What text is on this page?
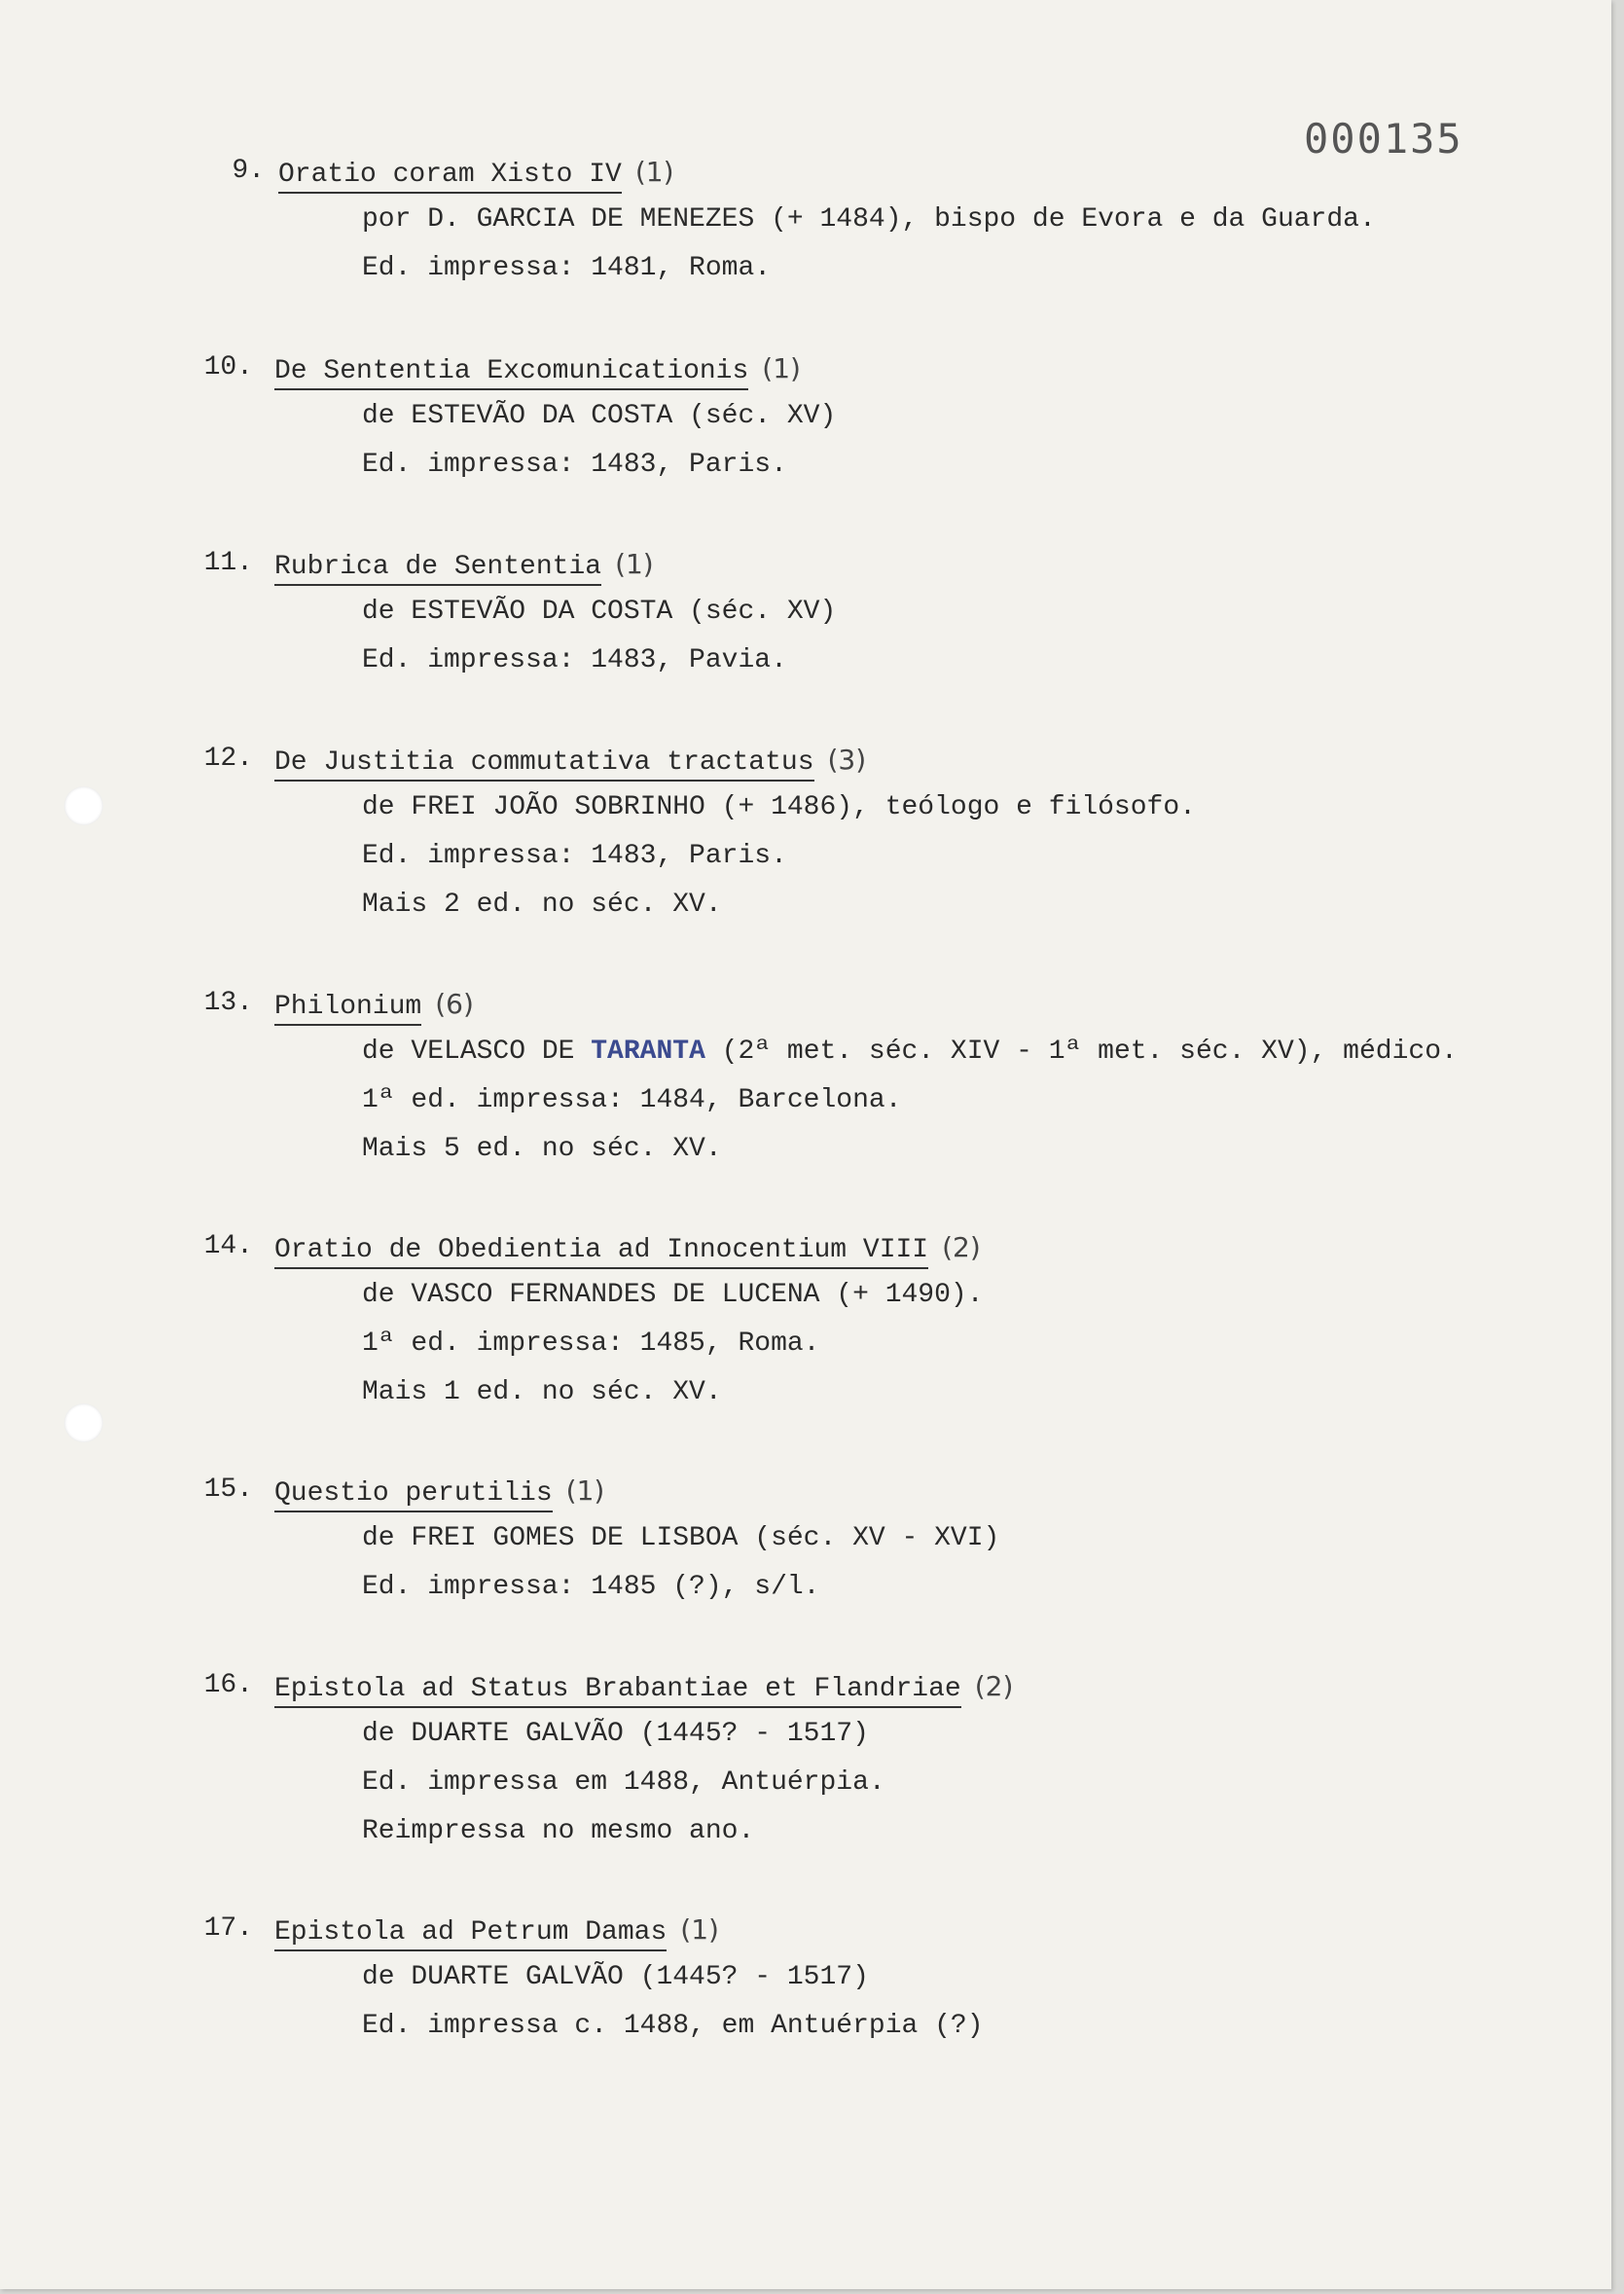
000135
9. Oratio coram Xisto IV (1)
por D. GARCIA DE MENEZES (+ 1484), bispo de Evora e da Guarda.
Ed. impressa: 1481, Roma.
10. De Sententia Excomunicationis (1)
de ESTEVÃO DA COSTA (séc. XV)
Ed. impressa: 1483, Paris.
11. Rubrica de Sententia (1)
de ESTEVÃO DA COSTA (séc. XV)
Ed. impressa: 1483, Pavia.
12. De Justitia commutativa tractatus (3)
de FREI JOÃO SOBRINHO (+ 1486), teólogo e filósofo.
Ed. impressa: 1483, Paris.
Mais 2 ed. no séc. XV.
13. Philonium (6)
de VELASCO DE TARANTA (2ª met. séc. XIV - 1ª met. séc. XV), médico.
1ª ed. impressa: 1484, Barcelona.
Mais 5 ed. no séc. XV.
14. Oratio de Obedientia ad Innocentium VIII (2)
de VASCO FERNANDES DE LUCENA (+ 1490).
1ª ed. impressa: 1485, Roma.
Mais 1 ed. no séc. XV.
15. Questio perutilis (1)
de FREI GOMES DE LISBOA (séc. XV - XVI)
Ed. impressa: 1485 (?), s/l.
16. Epistola ad Status Brabantiae et Flandriae (2)
de DUARTE GALVÃO (1445? - 1517)
Ed. impressa em 1488, Antuérpia.
Reimpressa no mesmo ano.
17. Epistola ad Petrum Damas (1)
de DUARTE GALVÃO (1445? - 1517)
Ed. impressa c. 1488, em Antuérpia (?)
